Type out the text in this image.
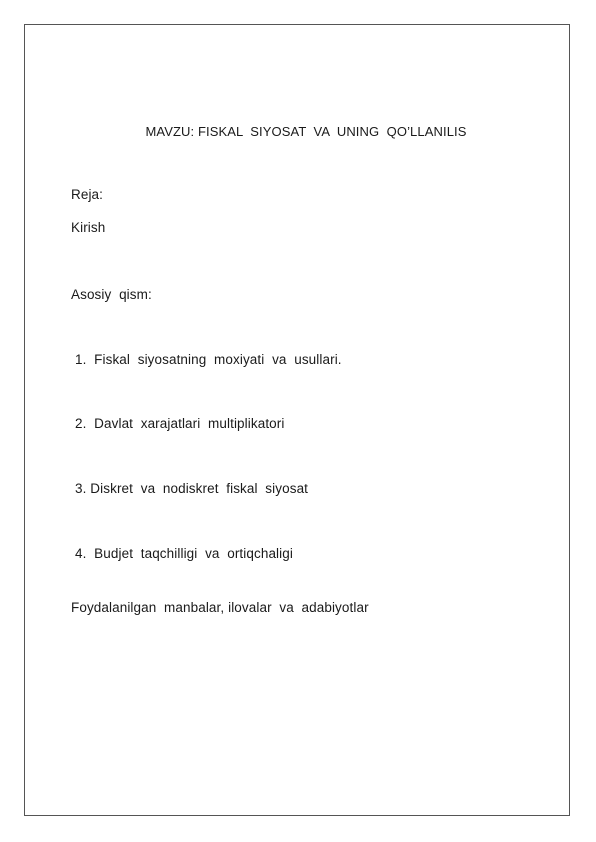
MAVZU: FISKAL  SIYOSAT  VA  UNING  QO’LLANILIS
Reja:
Kirish
Asosiy  qism:
1.  Fiskal  siyosatning  moxiyati  va  usullari.
2.  Davlat  xarajatlari  multiplikatori
3. Diskret  va  nodiskret  fiskal  siyosat
4.  Budjet  taqchilligi  va  ortiqchaligi
Foydalanilgan  manbalar, ilovalar  va  adabiyotlar
